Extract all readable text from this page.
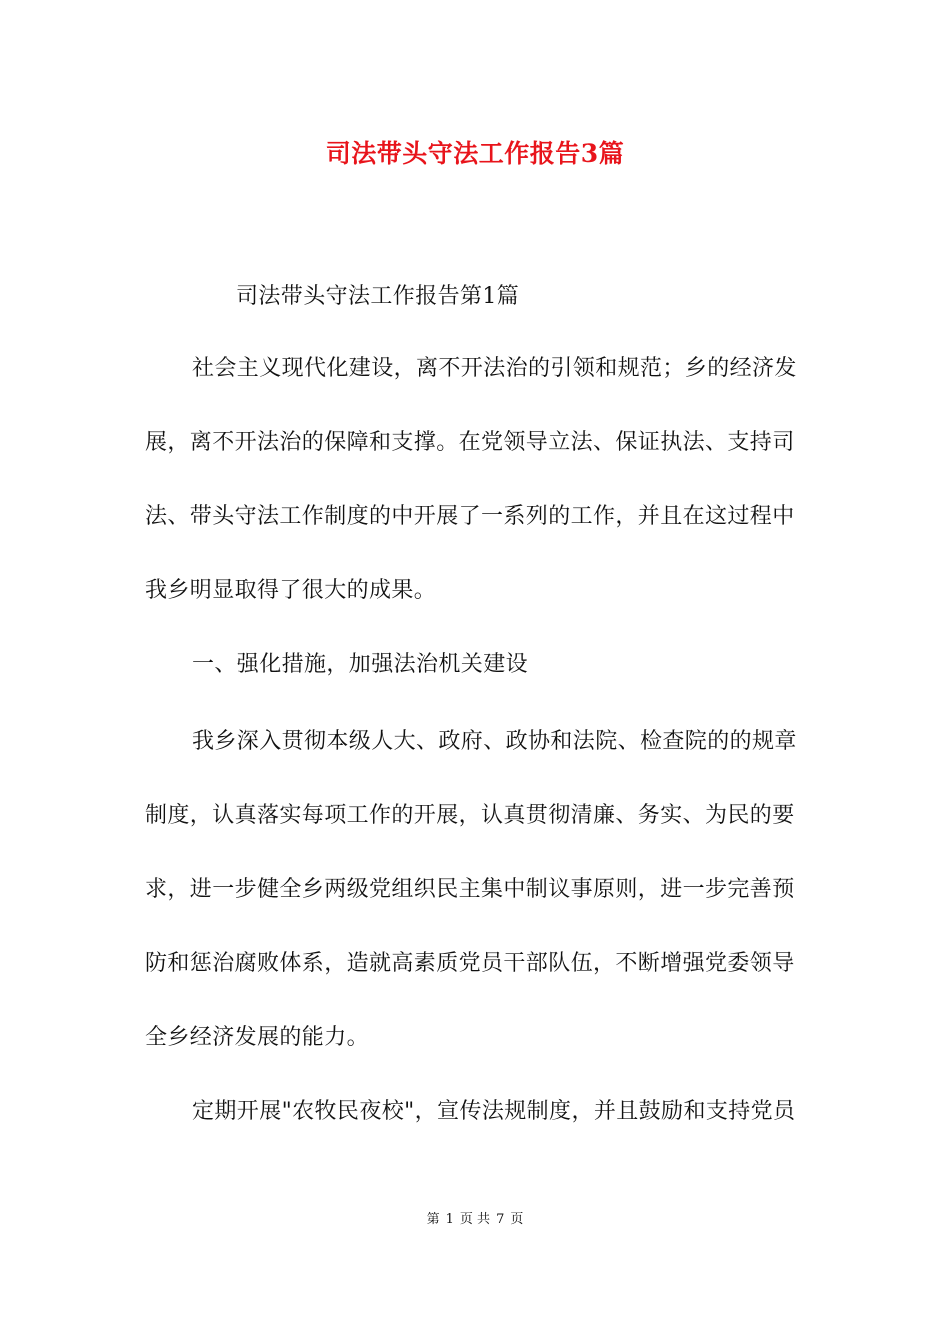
司法带头守法工作报告3篇
司法带头守法工作报告第1篇
社会主义现代化建设，离不开法治的引领和规范；乡的经济发
展，离不开法治的保障和支撑。在党领导立法、保证执法、支持司
法、带头守法工作制度的中开展了一系列的工作，并且在这过程中
我乡明显取得了很大的成果。
一、强化措施，加强法治机关建设
我乡深入贯彻本级人大、政府、政协和法院、检查院的的规章
制度，认真落实每项工作的开展，认真贯彻清廉、务实、为民的要
求，进一步健全乡两级党组织民主集中制议事原则，进一步完善预
防和惩治腐败体系，造就高素质党员干部队伍，不断增强党委领导
全乡经济发展的能力。
定期开展"农牧民夜校"，宣传法规制度，并且鼓励和支持党员
第 1 页 共 7 页
